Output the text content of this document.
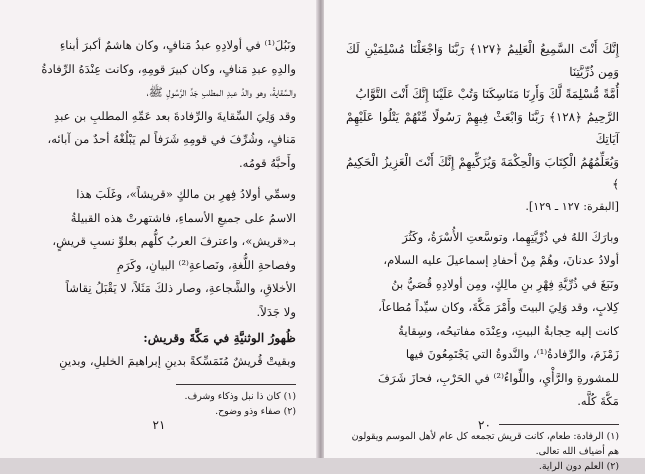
ونَبُلَ⁽¹⁾ في أولادِهِ عبدُ مَنافٍ، وكان هاشمٌ أكبرَ أبناءِ

والدِهِ عبدِ مَنافٍ، وكان كبيرَ قومِهِ، وكانت عِنْدَهُ الرِّفادةُ

والسِّقايةُ، وهو والدُ عبدِ المطلبِ جَدِّ الرَّسُولِ ﷺ،

وقد وَلِيَ السِّقايةَ والرِّفادةَ بعد عَمِّهِ المطلبِ بن عبدِ

مَنافٍ، وشُرِّفَ في قومِهِ شَرَفاً لم يَبْلُغْهُ أحدٌ من آبائه،

وأَحبَّهُ قومُه.

وسمِّي أولادُ فِهرِ بن مالكٍ «قريشاً»، وغَلَبَ هذا

الاسمُ على جميعِ الأسماءِ، فاشتهرتْ هذه القبيلةُ

بـ«قريش»، واعترفَ العربُ كلُّهم بعلوِّ نسبِ قريشٍ،

وفصاحةِ اللُّغةِ، ونَصاعةِ⁽²⁾ البيانِ، وكَرَمِ

الأخلاقِ، والشَّجاعةِ، وصار ذلكَ مَثَلاً، لا يَقْبَلُ نِقاشاً

ولا جَدَلاً.

ظُهورُ الوثنيَّةِ في مَكَّةَ وقريش:

وبقيتْ قُريشٌ مُتَمَسِّكةً بدينِ إبراهيمَ الخليلِ، وبدينِ

(١) كان ذا نبل وذكاء وشرف.

(٢) صفاء وذو وضوح.

٢١

إِنَّكَ أَنْتَ السَّمِيعُ الْعَلِيمُ ﴿١٢٧﴾ رَبَّنَا وَاجْعَلْنَا مُسْلِمَيْنِ لَكَ وَمِن ذُرِّيَّتِنَا

أُمَّةً مُّسْلِمَةً لَّكَ وَأَرِنَا مَنَاسِكَنَا وَتُبْ عَلَيْنَا إِنَّكَ أَنْتَ التَّوَّابُ

الرَّحِيمُ ﴿١٢٨﴾ رَبَّنَا وَابْعَثْ فِيهِمْ رَسُولًا مِّنْهُمْ يَتْلُوا عَلَيْهِمْ آيَاتِكَ

وَيُعَلِّمُهُمُ الْكِتَابَ وَالْحِكْمَةَ وَيُزَكِّيهِمْ إِنَّكَ أَنْتَ الْعَزِيزُ الْحَكِيمُ ﴾

[البقرة: ١٢٧ ـ ١٢٩].

وبارَكَ اللهُ في ذُرِّيَّتِهِما، وتوسَّعتِ الأُسْرَةُ، وكَثُرَ

أولادُ عدنانَ، وهُمْ مِنْ أحفادِ إسماعيلَ عليه السلام،

ونَبَغَ في ذُرِّيَّةِ فِهْرِ بنِ مالِكٍ، ومِن أولادِهِ قُصَيُّ بنُ

كِلابٍ، وقد وَلِيَ البيتَ وأَمْرَ مَكَّةَ، وكان سيِّداً مُطاعاً،

كانت إليه حِجابةُ البيتِ، وعِنْدَه مفاتيحُه، وسِقايةُ

زَمْزَمَ، والرِّفادةُ⁽¹⁾، والنَّدوةُ التي يَجْتَمِعُونَ فيها

للمشورةِ والرَّأْيِ، واللِّواءُ⁽²⁾ في الحَرْبِ، فحازَ شَرَفَ

مَكَّةَ كُلَّه.

(١) الرفادة: طعام، كانت قريش تجمعه كل عام لأهل الموسم ويقولون

هم أضياف الله تعالى.

(٢) العلم دون الراية.

٢٠
